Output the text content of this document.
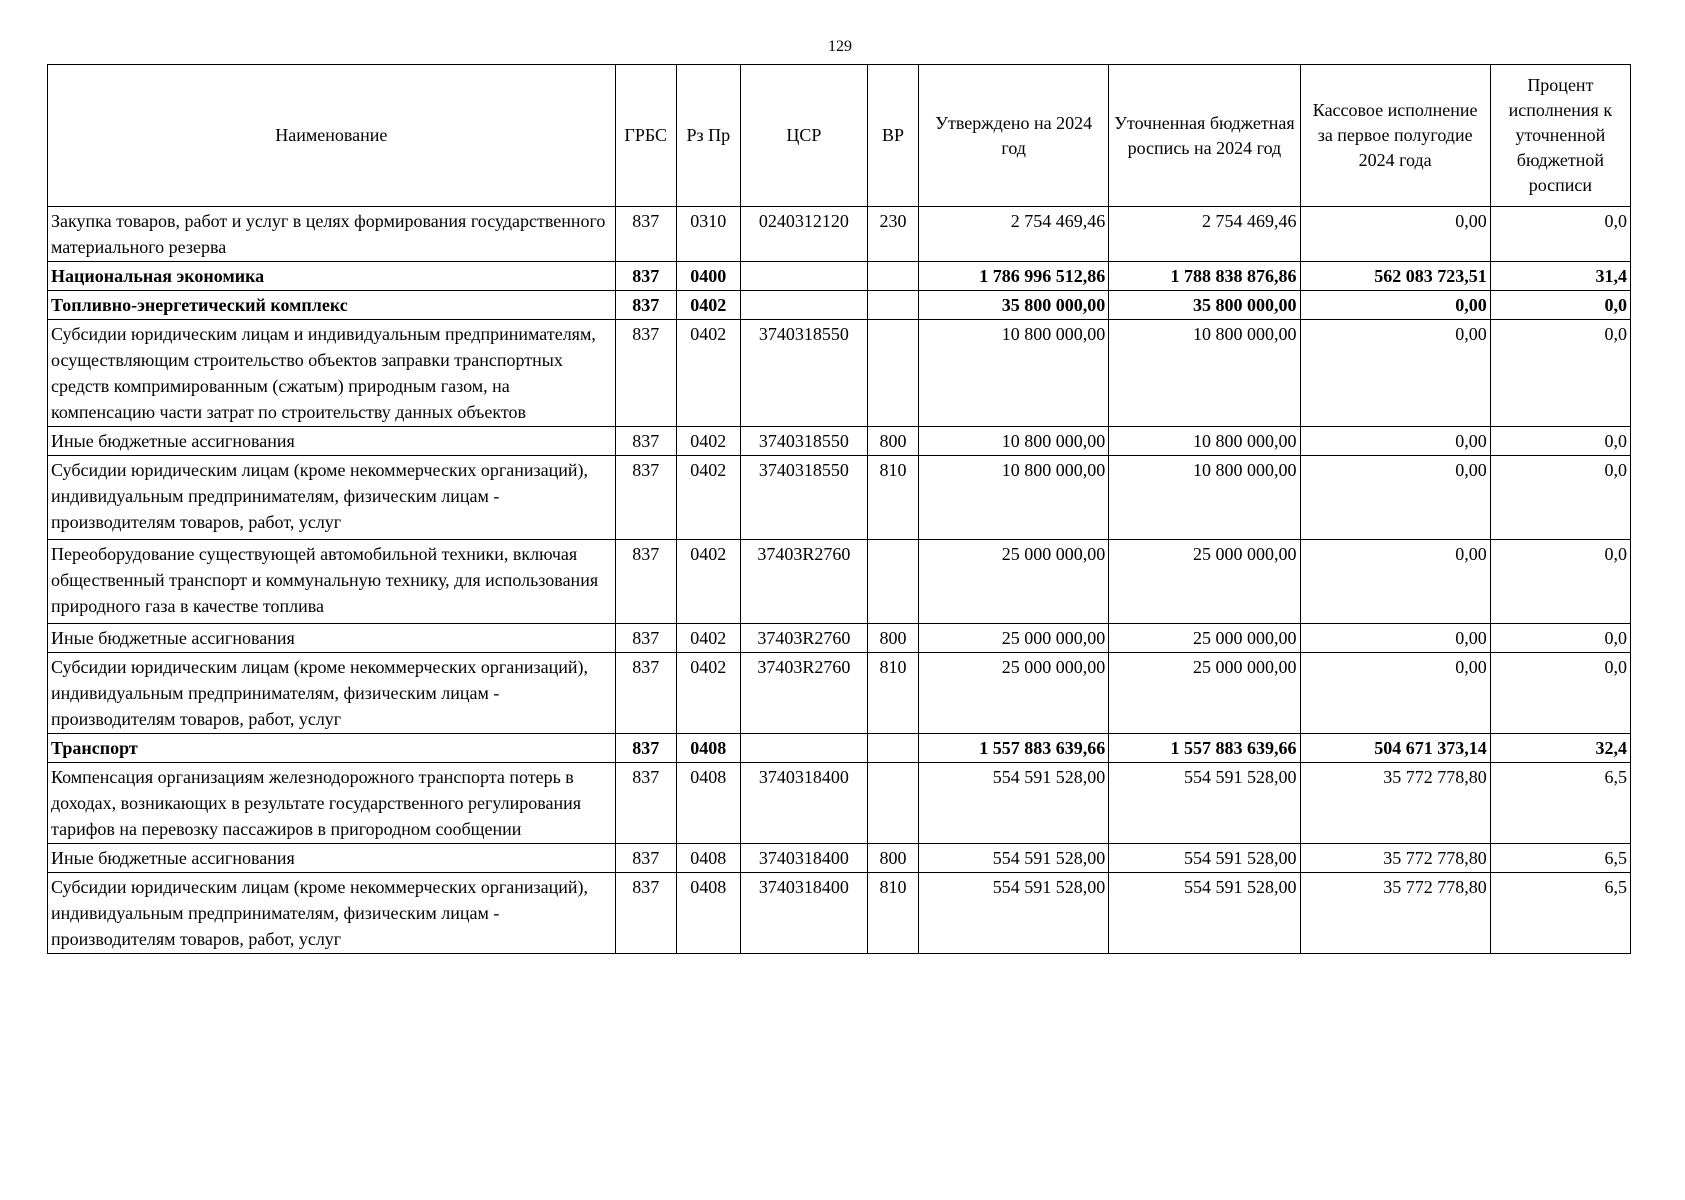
129
Наименование	ГРБС	Рз Пр	ЦСР	ВР	Утверждено на 2024 год	Уточненная бюджетная роспись на 2024 год	Кассовое исполнение за первое полугодие 2024 года	Процент исполнения к уточненной бюджетной росписи
Закупка товаров, работ и услуг в целях формирования государственного материального резерва	837	0310	0240312120	230	2 754 469,46	2 754 469,46	0,00	0,0
Национальная экономика	837	0400			1 786 996 512,86	1 788 838 876,86	562 083 723,51	31,4
Топливно-энергетический комплекс	837	0402			35 800 000,00	35 800 000,00	0,00	0,0
Субсидии юридическим лицам и индивидуальным предпринимателям, осуществляющим строительство объектов заправки транспортных средств компримированным (сжатым) природным газом, на компенсацию части затрат по строительству данных объектов	837	0402	3740318550		10 800 000,00	10 800 000,00	0,00	0,0
Иные бюджетные ассигнования	837	0402	3740318550	800	10 800 000,00	10 800 000,00	0,00	0,0
Субсидии юридическим лицам (кроме некоммерческих организаций), индивидуальным предпринимателям, физическим лицам - производителям товаров, работ, услуг	837	0402	3740318550	810	10 800 000,00	10 800 000,00	0,00	0,0
Переоборудование существующей автомобильной техники, включая общественный транспорт и коммунальную технику, для использования природного газа в качестве топлива	837	0402	37403R2760		25 000 000,00	25 000 000,00	0,00	0,0
Иные бюджетные ассигнования	837	0402	37403R2760	800	25 000 000,00	25 000 000,00	0,00	0,0
Субсидии юридическим лицам (кроме некоммерческих организаций), индивидуальным предпринимателям, физическим лицам - производителям товаров, работ, услуг	837	0402	37403R2760	810	25 000 000,00	25 000 000,00	0,00	0,0
Транспорт	837	0408			1 557 883 639,66	1 557 883 639,66	504 671 373,14	32,4
Компенсация организациям железнодорожного транспорта потерь в доходах, возникающих в результате государственного регулирования тарифов на перевозку пассажиров в пригородном сообщении	837	0408	3740318400		554 591 528,00	554 591 528,00	35 772 778,80	6,5
Иные бюджетные ассигнования	837	0408	3740318400	800	554 591 528,00	554 591 528,00	35 772 778,80	6,5
Субсидии юридическим лицам (кроме некоммерческих организаций), индивидуальным предпринимателям, физическим лицам - производителям товаров, работ, услуг	837	0408	3740318400	810	554 591 528,00	554 591 528,00	35 772 778,80	6,5
